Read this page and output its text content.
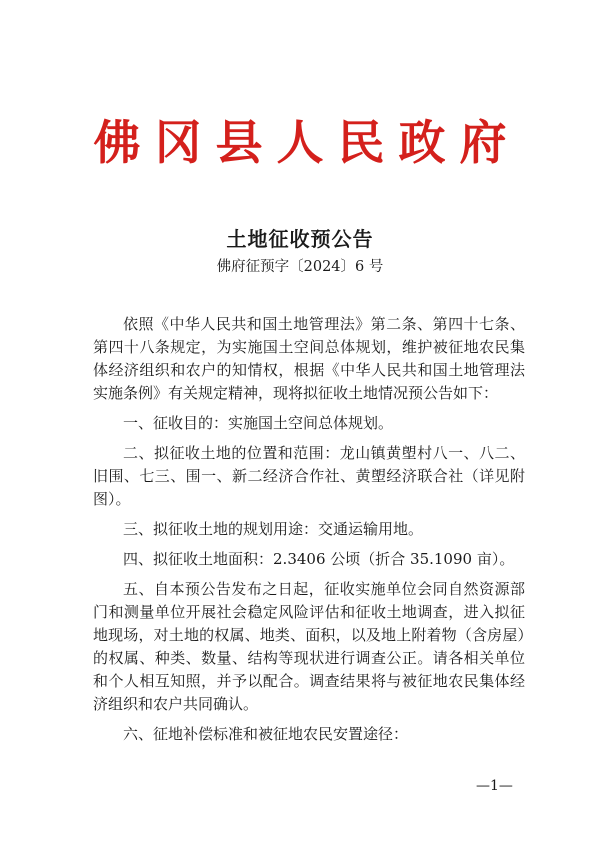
佛冈县人民政府
土地征收预公告
佛府征预字〔2024〕6 号

依照《中华人民共和国土地管理法》第二条、第四十七条、第四十八条规定，为实施国土空间总体规划，维护被征地农民集体经济组织和农户的知情权，根据《中华人民共和国土地管理法实施条例》有关规定精神，现将拟征收土地情况预公告如下：

一、征收目的：实施国土空间总体规划。

二、拟征收土地的位置和范围：龙山镇黄塱村八一、八二、旧围、七三、围一、新二经济合作社、黄塱经济联合社（详见附图）。

三、拟征收土地的规划用途：交通运输用地。

四、拟征收土地面积：2.3406 公顷（折合 35.1090 亩）。

五、自本预公告发布之日起，征收实施单位会同自然资源部门和测量单位开展社会稳定风险评估和征收土地调查，进入拟征地现场，对土地的权属、地类、面积，以及地上附着物（含房屋）的权属、种类、数量、结构等现状进行调查公正。请各相关单位和个人相互知照，并予以配合。调查结果将与被征地农民集体经济组织和农户共同确认。

六、征地补偿标准和被征地农民安置途径：

—1—
